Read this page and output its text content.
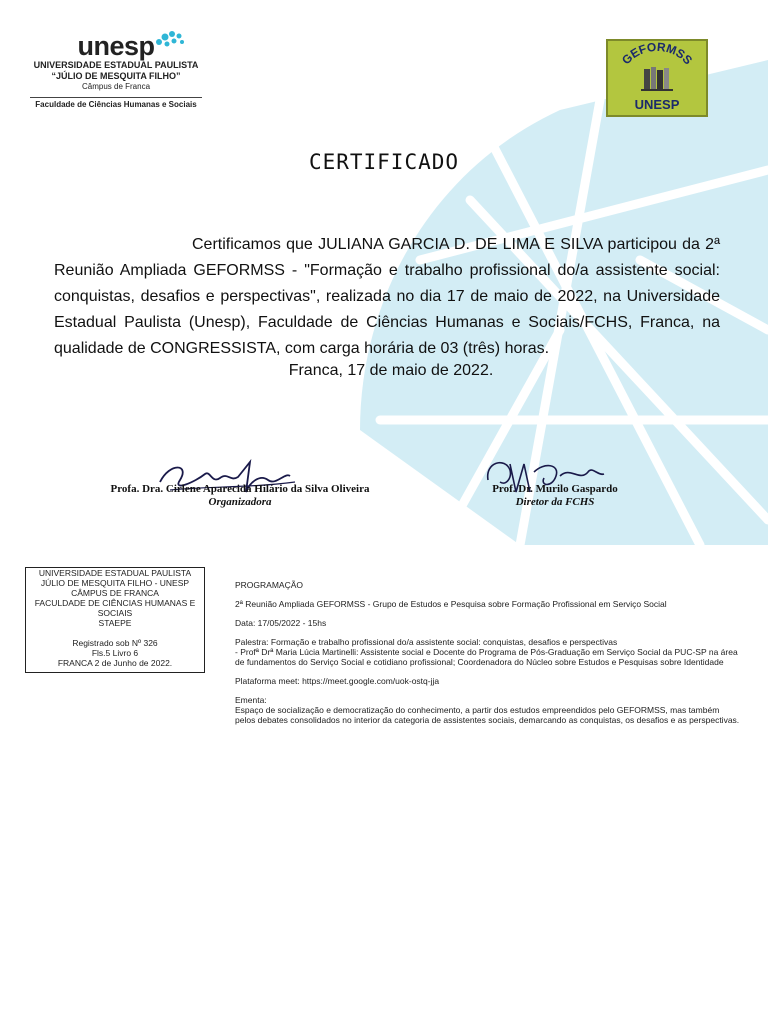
unesp
UNIVERSIDADE ESTADUAL PAULISTA
“JÚLIO DE MESQUITA FILHO”
Câmpus de Franca
Faculdade de Ciências Humanas e Sociais
GEFORMSS
UNESP
CERTIFICADO

Certificamos que JULIANA GARCIA D. DE LIMA E SILVA participou da 2ª Reunião Ampliada GEFORMSS - "Formação e trabalho profissional do/a assistente social: conquistas, desafios e perspectivas", realizada no dia 17 de maio de 2022, na Universidade Estadual Paulista (Unesp), Faculdade de Ciências Humanas e Sociais/FCHS, Franca, na qualidade de CONGRESSISTA, com carga horária de 03 (três) horas.

Franca, 17 de maio de 2022.
Profa. Dra. Cirlene Aparecida Hilário da Silva Oliveira
Organizadora
Prof. Dr. Murilo Gaspardo
Diretor da FCHS
UNIVERSIDADE ESTADUAL PAULISTA
JÚLIO DE MESQUITA FILHO - UNESP
CÂMPUS DE FRANCA
FACULDADE DE CIÊNCIAS HUMANAS E SOCIAIS
STAEPE
Registrado sob Nº 326
Fls.5 Livro 6
FRANCA 2 de Junho de 2022.

PROGRAMAÇÃO

2ª Reunião Ampliada GEFORMSS - Grupo de Estudos e Pesquisa sobre Formação Profissional em Serviço Social

Data: 17/05/2022 - 15hs

Palestra: Formação e trabalho profissional do/a assistente social: conquistas, desafios e perspectivas
- Profª Drª Maria Lúcia Martinelli: Assistente social e Docente do Programa de Pós-Graduação em Serviço Social da PUC-SP na área de fundamentos do Serviço Social e cotidiano profissional; Coordenadora do Núcleo sobre Estudos e Pesquisas sobre Identidade

Plataforma meet: https://meet.google.com/uok-ostq-jja

Ementa:
Espaço de socialização e democratização do conhecimento, a partir dos estudos empreendidos pelo GEFORMSS, mas também pelos debates consolidados no interior da categoria de assistentes sociais, demarcando as conquistas, os desafios e as perspectivas.
